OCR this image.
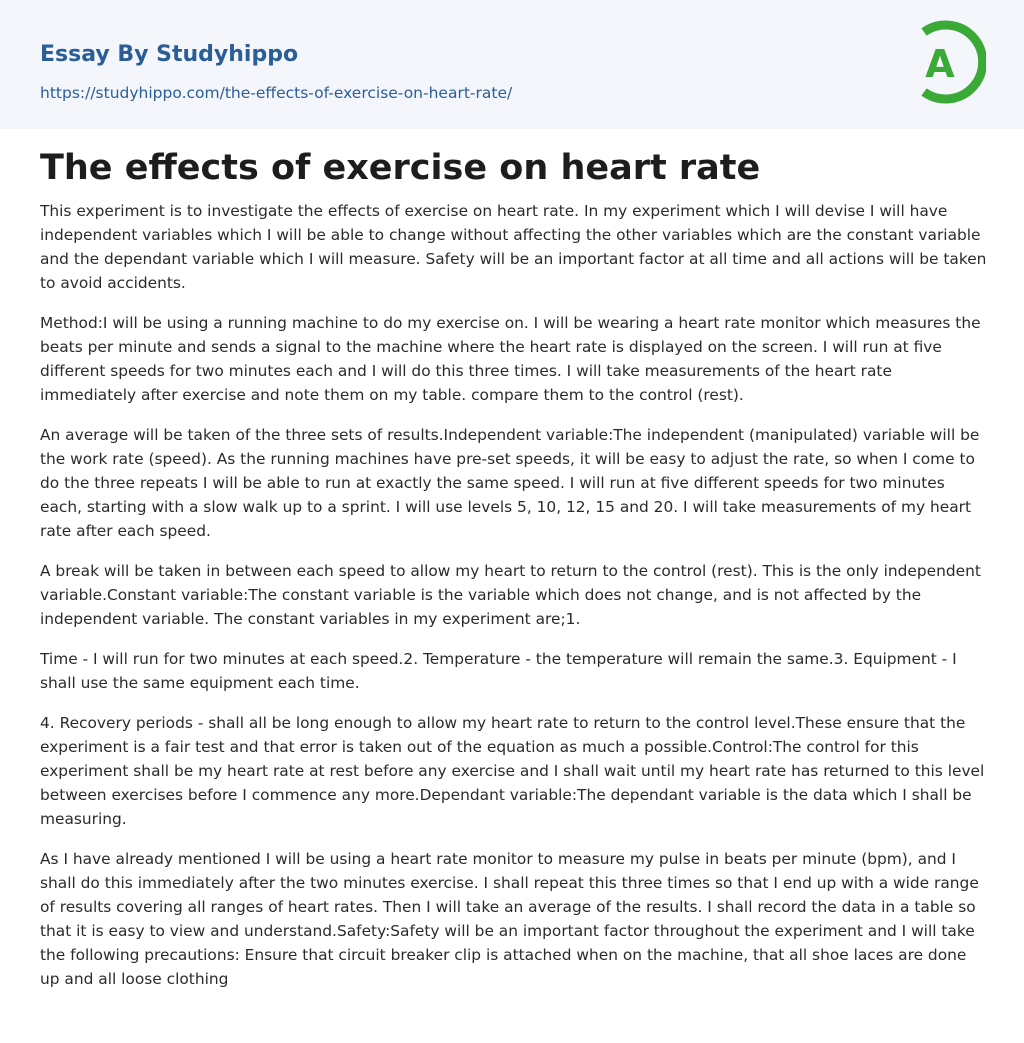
Essay By Studyhippo
https://studyhippo.com/the-effects-of-exercise-on-heart-rate/
A
The effects of exercise on heart rate

This experiment is to investigate the effects of exercise on heart rate. In my experiment which I will devise I will have independent variables which I will be able to change without affecting the other variables which are the constant variable and the dependant variable which I will measure. Safety will be an important factor at all time and all actions will be taken to avoid accidents.

Method:I will be using a running machine to do my exercise on. I will be wearing a heart rate monitor which measures the beats per minute and sends a signal to the machine where the heart rate is displayed on the screen. I will run at five different speeds for two minutes each and I will do this three times. I will take measurements of the heart rate immediately after exercise and note them on my table. compare them to the control (rest).

An average will be taken of the three sets of results.Independent variable:The independent (manipulated) variable will be the work rate (speed). As the running machines have pre-set speeds, it will be easy to adjust the rate, so when I come to do the three repeats I will be able to run at exactly the same speed. I will run at five different speeds for two minutes each, starting with a slow walk up to a sprint. I will use levels 5, 10, 12, 15 and 20. I will take measurements of my heart rate after each speed.

A break will be taken in between each speed to allow my heart to return to the control (rest). This is the only independent variable.Constant variable:The constant variable is the variable which does not change, and is not affected by the independent variable. The constant variables in my experiment are;1.

Time - I will run for two minutes at each speed.2. Temperature - the temperature will remain the same.3. Equipment - I shall use the same equipment each time.

4. Recovery periods - shall all be long enough to allow my heart rate to return to the control level.These ensure that the experiment is a fair test and that error is taken out of the equation as much a possible.Control:The control for this experiment shall be my heart rate at rest before any exercise and I shall wait until my heart rate has returned to this level between exercises before I commence any more.Dependant variable:The dependant variable is the data which I shall be measuring.

As I have already mentioned I will be using a heart rate monitor to measure my pulse in beats per minute (bpm), and I shall do this immediately after the two minutes exercise. I shall repeat this three times so that I end up with a wide range of results covering all ranges of heart rates. Then I will take an average of the results. I shall record the data in a table so that it is easy to view and understand.Safety:Safety will be an important factor throughout the experiment and I will take the following precautions: Ensure that circuit breaker clip is attached when on the machine, that all shoe laces are done up and all loose clothing
